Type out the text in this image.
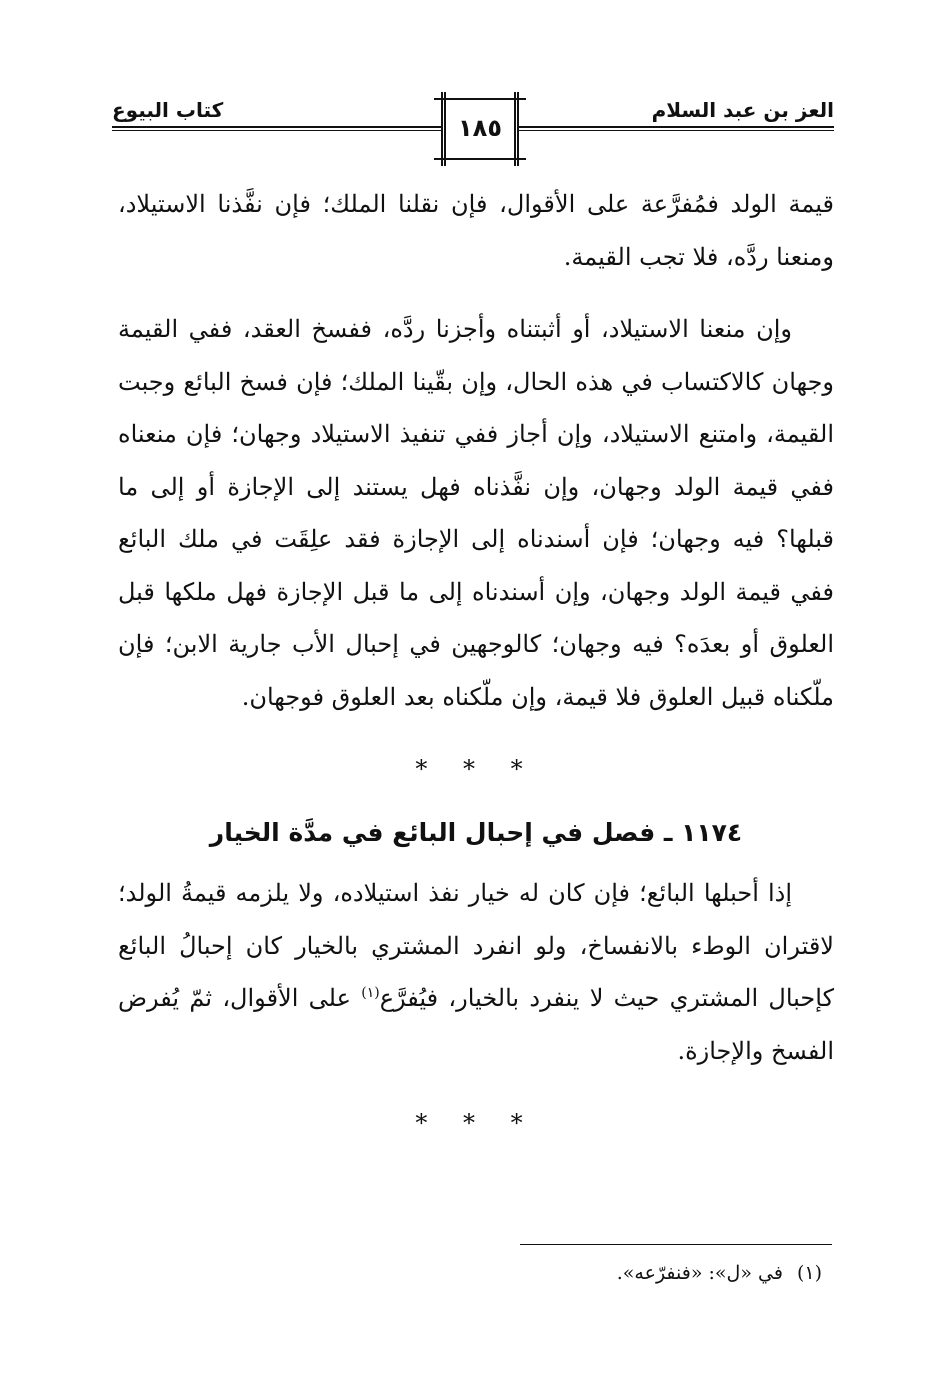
العز بن عبد السلام
١٨٥
كتاب البيوع

قيمة الولد فمُفرَّعة على الأقوال، فإن نقلنا الملك؛ فإن نفَّذنا الاستيلاد، ومنعنا ردَّه، فلا تجب القيمة.

وإن منعنا الاستيلاد، أو أثبتناه وأجزنا ردَّه، ففسخ العقد، ففي القيمة وجهان كالاكتساب في هذه الحال، وإن بقّينا الملك؛ فإن فسخ البائع وجبت القيمة، وامتنع الاستيلاد، وإن أجاز ففي تنفيذ الاستيلاد وجهان؛ فإن منعناه ففي قيمة الولد وجهان، وإن نفَّذناه فهل يستند إلى الإجازة أو إلى ما قبلها؟ فيه وجهان؛ فإن أسندناه إلى الإجازة فقد علِقَت في ملك البائع ففي قيمة الولد وجهان، وإن أسندناه إلى ما قبل الإجازة فهل ملكها قبل العلوق أو بعدَه؟ فيه وجهان؛ كالوجهين في إحبال الأب جارية الابن؛ فإن ملّكناه قبيل العلوق فلا قيمة، وإن ملّكناه بعد العلوق فوجهان.

* * *
١١٧٤ ـ فصل في إحبال البائع في مدَّة الخيار

إذا أحبلها البائع؛ فإن كان له خيار نفذ استيلاده، ولا يلزمه قيمةُ الولد؛ لاقتران الوطء بالانفساخ، ولو انفرد المشتري بالخيار كان إحبالُ البائع كإحبال المشتري حيث لا ينفرد بالخيار، فيُفرَّع$^{(١)}$ على الأقوال، ثمّ يُفرض الفسخ والإجازة.

* * *
(١)في «ل»: «فنفرّعه».
